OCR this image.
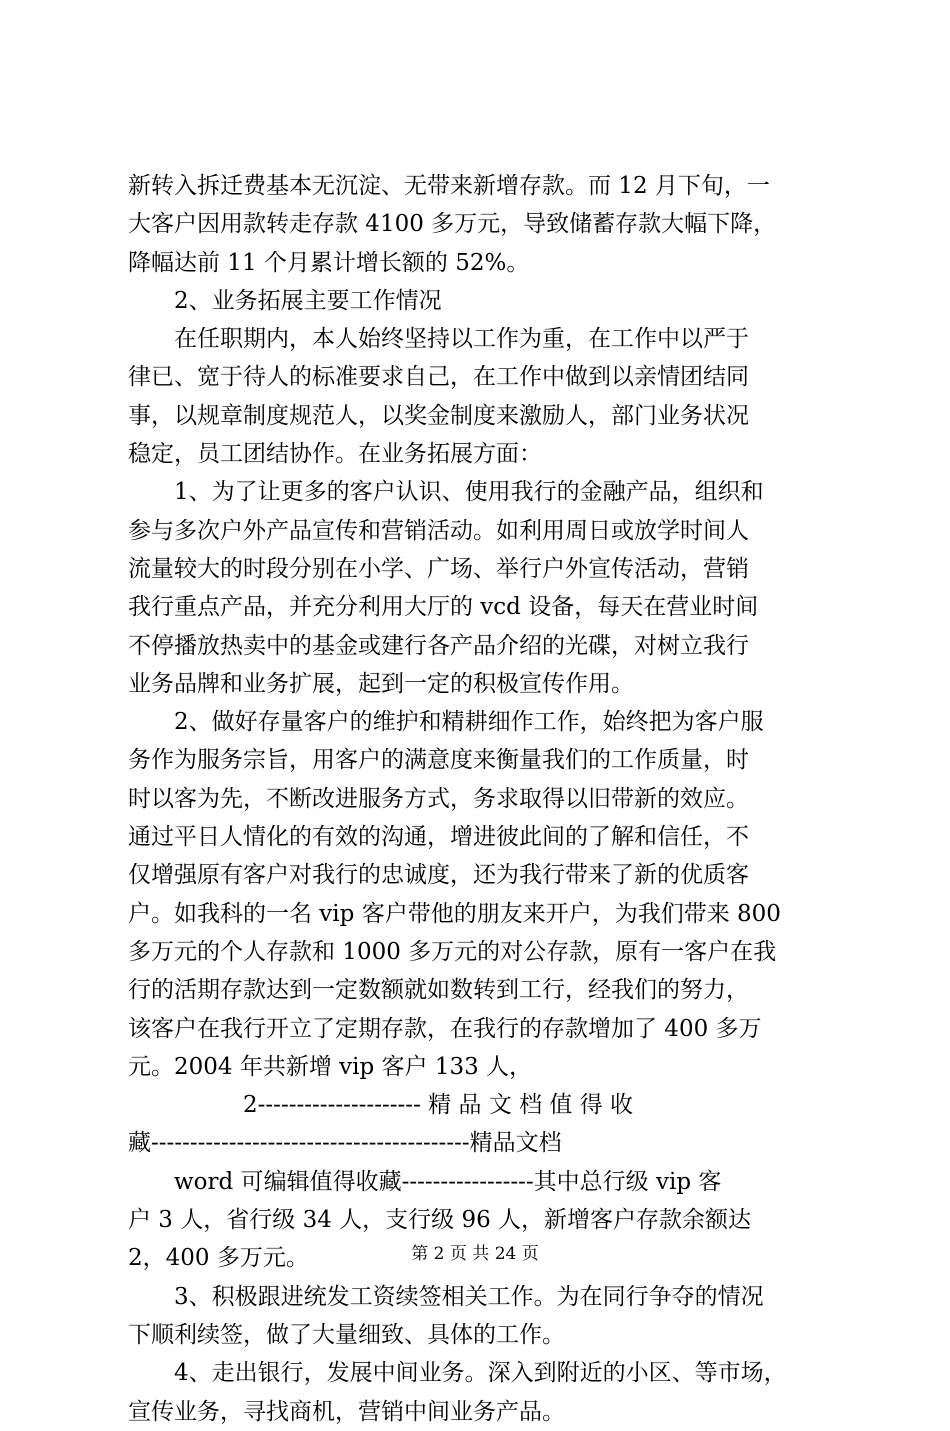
新转入拆迁费基本无沉淀、无带来新增存款。而 12 月下旬，一
大客户因用款转走存款 4100 多万元，导致储蓄存款大幅下降，
降幅达前 11 个月累计增长额的 52%。
　　2、业务拓展主要工作情况
　　在任职期内，本人始终坚持以工作为重，在工作中以严于
律已、宽于待人的标准要求自己，在工作中做到以亲情团结同
事，以规章制度规范人，以奖金制度来激励人，部门业务状况
稳定，员工团结协作。在业务拓展方面：
　　1、为了让更多的客户认识、使用我行的金融产品，组织和
参与多次户外产品宣传和营销活动。如利用周日或放学时间人
流量较大的时段分别在小学、广场、举行户外宣传活动，营销
我行重点产品，并充分利用大厅的 vcd 设备，每天在营业时间
不停播放热卖中的基金或建行各产品介绍的光碟，对树立我行
业务品牌和业务扩展，起到一定的积极宣传作用。
　　2、做好存量客户的维护和精耕细作工作，始终把为客户服
务作为服务宗旨，用客户的满意度来衡量我们的工作质量，时
时以客为先，不断改进服务方式，务求取得以旧带新的效应。
通过平日人情化的有效的沟通，增进彼此间的了解和信任，不
仅增强原有客户对我行的忠诚度，还为我行带来了新的优质客
户。如我科的一名 vip 客户带他的朋友来开户，为我们带来 800
多万元的个人存款和 1000 多万元的对公存款，原有一客户在我
行的活期存款达到一定数额就如数转到工行，经我们的努力，
该客户在我行开立了定期存款，在我行的存款增加了 400 多万
元。2004 年共新增 vip 客户 133 人，
　　　　　2--------------------- 精 品 文 档 值 得 收
藏-----------------------------------------精品文档
　　word 可编辑值得收藏-----------------其中总行级 vip 客
户 3 人，省行级 34 人，支行级 96 人，新增客户存款余额达
2，400 多万元。
　　3、积极跟进统发工资续签相关工作。为在同行争夺的情况
下顺利续签，做了大量细致、具体的工作。
　　4、走出银行，发展中间业务。深入到附近的小区、等市场，
宣传业务，寻找商机，营销中间业务产品。
第 2 页 共 24 页
